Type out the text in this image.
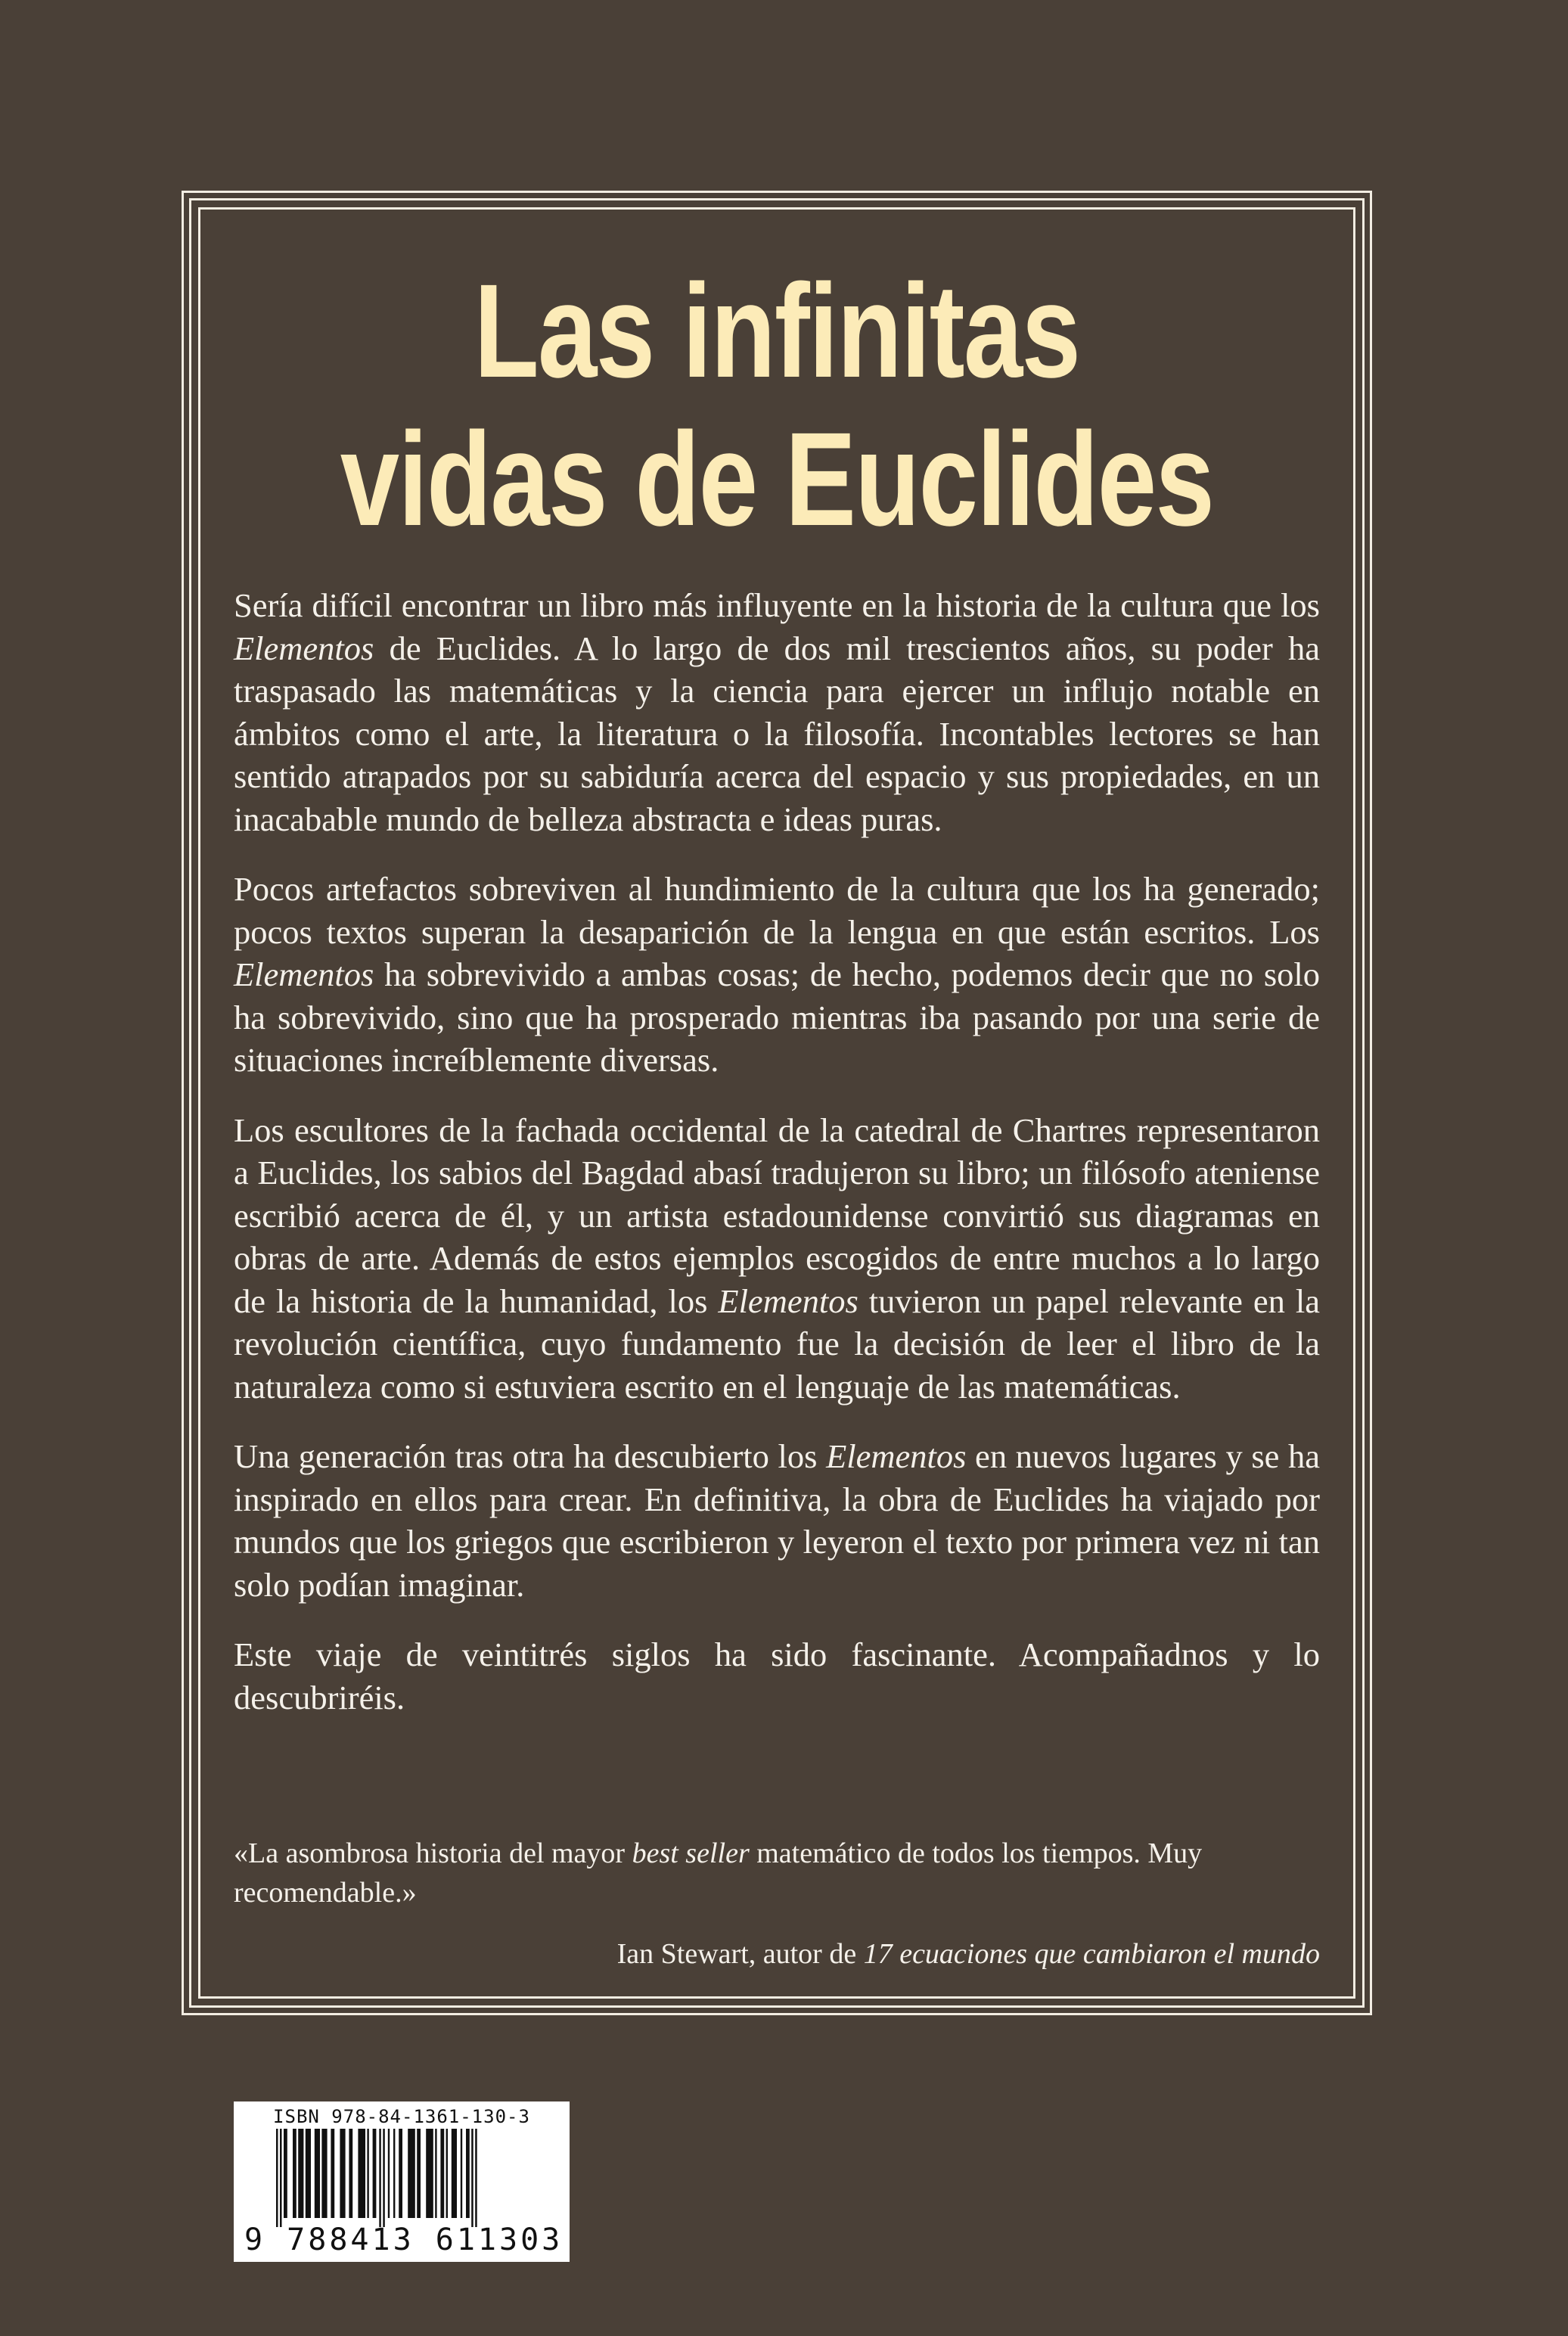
Las infinitas
vidas de Euclides

Sería difícil encontrar un libro más influyente en la historia de la cultura que los Elementos de Euclides. A lo largo de dos mil trescientos años, su poder ha traspasado las matemáticas y la ciencia para ejercer un influjo notable en ámbitos como el arte, la literatura o la filosofía. Incontables lectores se han sentido atrapados por su sabiduría acerca del espacio y sus propiedades, en un inacabable mundo de belleza abstracta e ideas puras.

Pocos artefactos sobreviven al hundimiento de la cultura que los ha generado; pocos textos superan la desaparición de la lengua en que están escritos. Los Elementos ha sobrevivido a ambas cosas; de hecho, podemos decir que no solo ha sobrevivido, sino que ha prosperado mientras iba pasando por una serie de situaciones increíblemente diversas.

Los escultores de la fachada occidental de la catedral de Chartres representaron a Euclides, los sabios del Bagdad abasí tradujeron su libro; un filósofo ateniense escribió acerca de él, y un artista estadounidense convirtió sus diagramas en obras de arte. Además de estos ejemplos escogidos de entre muchos a lo largo de la historia de la humanidad, los Elementos tuvieron un papel relevante en la revolución científica, cuyo fundamento fue la decisión de leer el libro de la naturaleza como si estuviera escrito en el lenguaje de las matemáticas.

Una generación tras otra ha descubierto los Elementos en nuevos lugares y se ha inspirado en ellos para crear. En definitiva, la obra de Euclides ha viajado por mundos que los griegos que escribieron y leyeron el texto por primera vez ni tan solo podían imaginar.

Este viaje de veintitrés siglos ha sido fascinante. Acompañadnos y lo descubriréis.

«La asombrosa historia del mayor best seller matemático de todos los tiempos. Muy recomendable.»
Ian Stewart, autor de 17 ecuaciones que cambiaron el mundo
ISBN 978-84-1361-130-3
9 788413 611303
